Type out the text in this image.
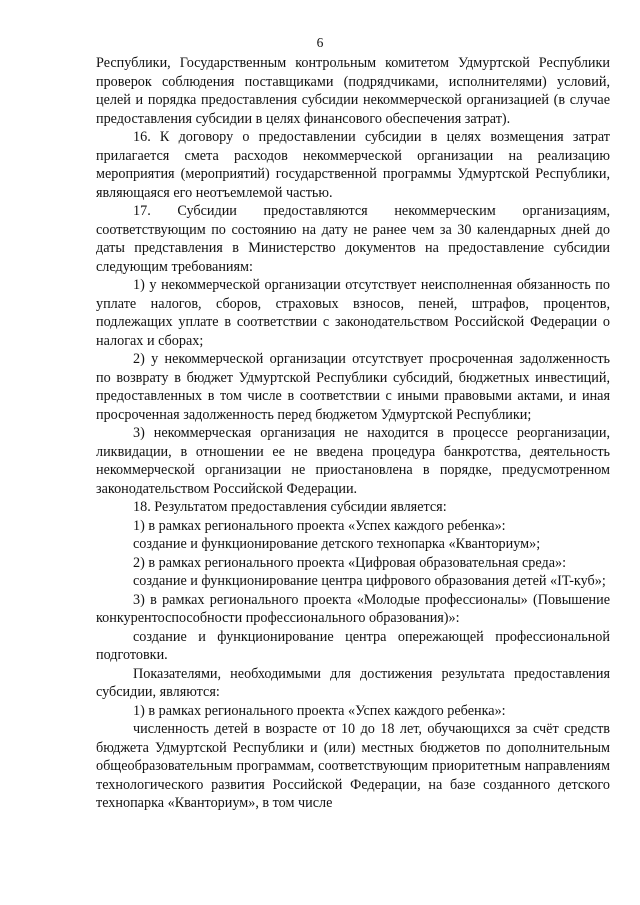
6

Республики, Государственным контрольным комитетом Удмуртской Республики проверок соблюдения поставщиками (подрядчиками, исполнителями) условий, целей и порядка предоставления субсидии некоммерческой организацией (в случае предоставления субсидии в целях финансового обеспечения затрат).

16. К договору о предоставлении субсидии в целях возмещения затрат прилагается смета расходов некоммерческой организации на реализацию мероприятия (мероприятий) государственной программы Удмуртской Республики, являющаяся его неотъемлемой частью.

17. Субсидии предоставляются некоммерческим организациям, соответствующим по состоянию на дату не ранее чем за 30 календарных дней до даты представления в Министерство документов на предоставление субсидии следующим требованиям:

1) у некоммерческой организации отсутствует неисполненная обязанность по уплате налогов, сборов, страховых взносов, пеней, штрафов, процентов, подлежащих уплате в соответствии с законодательством Российской Федерации о налогах и сборах;

2) у некоммерческой организации отсутствует просроченная задолженность по возврату в бюджет Удмуртской Республики субсидий, бюджетных инвестиций, предоставленных в том числе в соответствии с иными правовыми актами, и иная просроченная задолженность перед бюджетом Удмуртской Республики;

3) некоммерческая организация не находится в процессе реорганизации, ликвидации, в отношении ее не введена процедура банкротства, деятельность некоммерческой организации не приостановлена в порядке, предусмотренном законодательством Российской Федерации.

18. Результатом предоставления субсидии является:

1) в рамках регионального проекта «Успех каждого ребенка»:

создание и функционирование детского технопарка «Кванториум»;

2) в рамках регионального проекта «Цифровая образовательная среда»:

создание и функционирование центра цифрового образования детей «IT-куб»;

3) в рамках регионального проекта «Молодые профессионалы» (Повышение конкурентоспособности профессионального образования)»:

создание и функционирование центра опережающей профессиональной подготовки.

Показателями, необходимыми для достижения результата предоставления субсидии, являются:

1) в рамках регионального проекта «Успех каждого ребенка»:

численность детей в возрасте от 10 до 18 лет, обучающихся за счёт средств бюджета Удмуртской Республики и (или) местных бюджетов по дополнительным общеобразовательным программам, соответствующим приоритетным направлениям технологического развития Российской Федерации, на базе созданного детского технопарка «Кванториум», в том числе
